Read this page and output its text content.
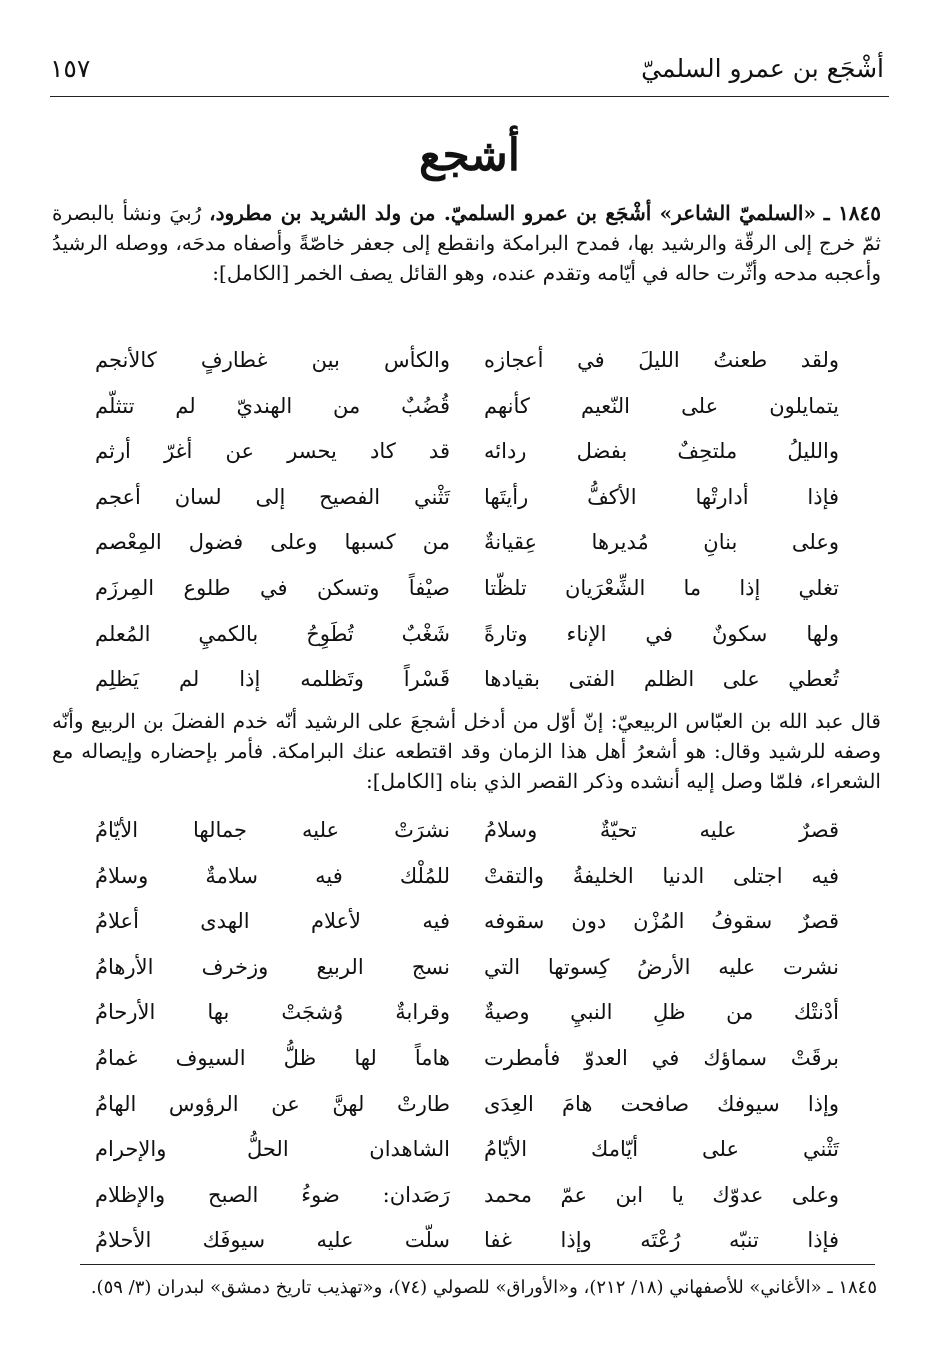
أشْجَع بن عمرو السلميّ
١٥٧
أشجع

١٨٤٥ ـ «السلميّ الشاعر» أشْجَع بن عمرو السلميّ. من ولد الشريد بن مطرود، رُبيَ ونشأ بالبصرة ثمّ خرج إلى الرقّة والرشيد بها، فمدح البرامكة وانقطع إلى جعفر خاصّةً وأصفاه مدحَه، ووصله الرشيدُ وأعجبه مدحه وأثّرت حاله في أيّامه وتقدم عنده، وهو القائل يصف الخمر [الكامل]:

ولقد طعنتُ الليلَ في أعجازه
والكأس بين غطارفٍ كالأنجم
يتمايلون على النّعيم كأنهم
قُضُبٌ من الهنديّ لم تتثلّم
والليلُ ملتحِفٌ بفضل ردائه
قد كاد يحسر عن أغرّ أرثم
فإذا أدارتْها الأكفُّ رأيتَها
تَثْني الفصيح إلى لسان أعجم
وعلى بنانِ مُديرها عِقيانةٌ
من كسبها وعلى فضول المِعْصم
تغلي إذا ما الشِّعْرَيان تلظّتا
صيْفاً وتسكن في طلوع المِرزَم
ولها سكونٌ في الإناء وتارةً
شَغْبٌ تُطَوِحُ بالكميِ المُعلم
تُعطي على الظلم الفتى بقيادها
قَسْراً وتَظلمه إذا لم يَظلِم

قال عبد الله بن العبّاس الربيعيّ: إنّ أوّل من أدخل أشجعَ على الرشيد أنّه خدم الفضلَ بن الربيع وأنّه وصفه للرشيد وقال: هو أشعرُ أهل هذا الزمان وقد اقتطعه عنك البرامكة. فأمر بإحضاره وإيصاله مع الشعراء، فلمّا وصل إليه أنشده وذكر القصر الذي بناه [الكامل]:

قصرٌ عليه تحيّةٌ وسلامُ
نشرَتْ عليه جمالها الأيّامُ
فيه اجتلى الدنيا الخليفةُ والتقتْ
للمُلْك فيه سلامةٌ وسلامُ
قصرٌ سقوفُ المُزْن دون سقوفه
فيه لأعلام الهدى أعلامُ
نشرت عليه الأرضُ كِسوتها التي
نسج الربيع وزخرف الأرهامُ
أدْنتْك من ظلِ النبيِ وصيةٌ
وقرابةٌ وُشجَتْ بها الأرحامُ
برقَتْ سماؤك في العدوّ فأمطرت
هاماً لها ظلُّ السيوف غمامُ
وإذا سيوفك صافحت هامَ العِدَى
طارتْ لهنَّ عن الرؤوس الهامُ
تَثْني على أيّامك الأيّامُ
الشاهدان الحلُّ والإحرام
وعلى عدوّك يا ابن عمّ محمد
رَصَدان: ضوءُ الصبح والإظلام
فإذا تنبّه رُعْتَه وإذا غفا
سلّت عليه سيوفَك الأحلامُ

١٨٤٥ ـ «الأغاني» للأصفهاني (١٨/ ٢١٢)، و«الأوراق» للصولي (٧٤)، و«تهذيب تاريخ دمشق» لبدران (٣/ ٥٩).
